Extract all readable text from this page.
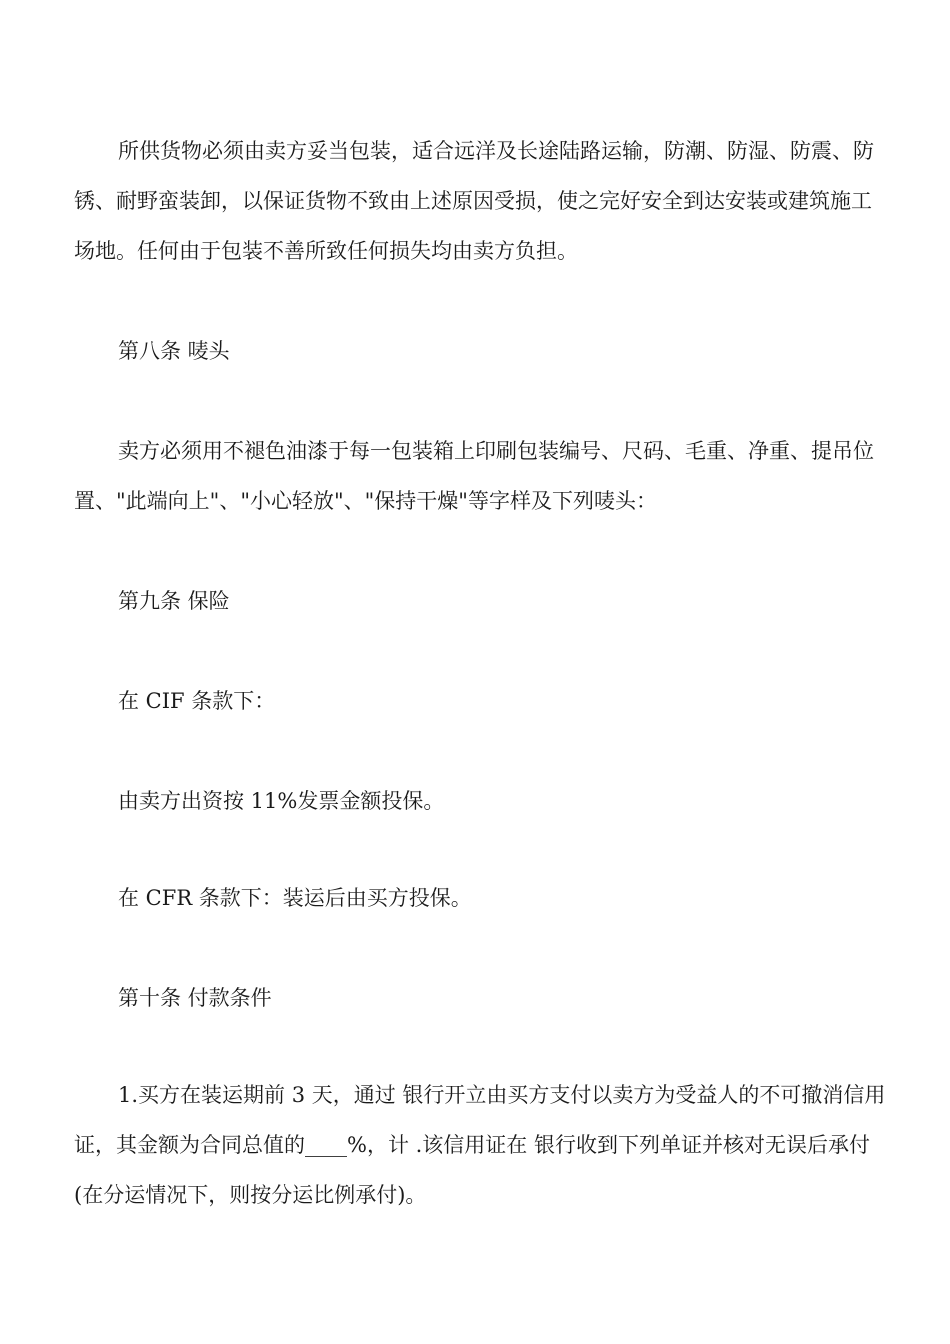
所供货物必须由卖方妥当包装，适合远洋及长途陆路运输，防潮、防湿、防震、防锈、耐野蛮装卸，以保证货物不致由上述原因受损，使之完好安全到达安装或建筑施工场地。任何由于包装不善所致任何损失均由卖方负担。

第八条 唛头

卖方必须用不褪色油漆于每一包装箱上印刷包装编号、尺码、毛重、净重、提吊位置、"此端向上"、"小心轻放"、"保持干燥"等字样及下列唛头：

第九条 保险

在 CIF 条款下：

由卖方出资按 11%发票金额投保。

在 CFR 条款下：装运后由买方投保。

第十条 付款条件

1.买方在装运期前 3 天，通过 银行开立由买方支付以卖方为受益人的不可撤消信用证，其金额为合同总值的____%，计 .该信用证在 银行收到下列单证并核对无误后承付(在分运情况下，则按分运比例承付)。
